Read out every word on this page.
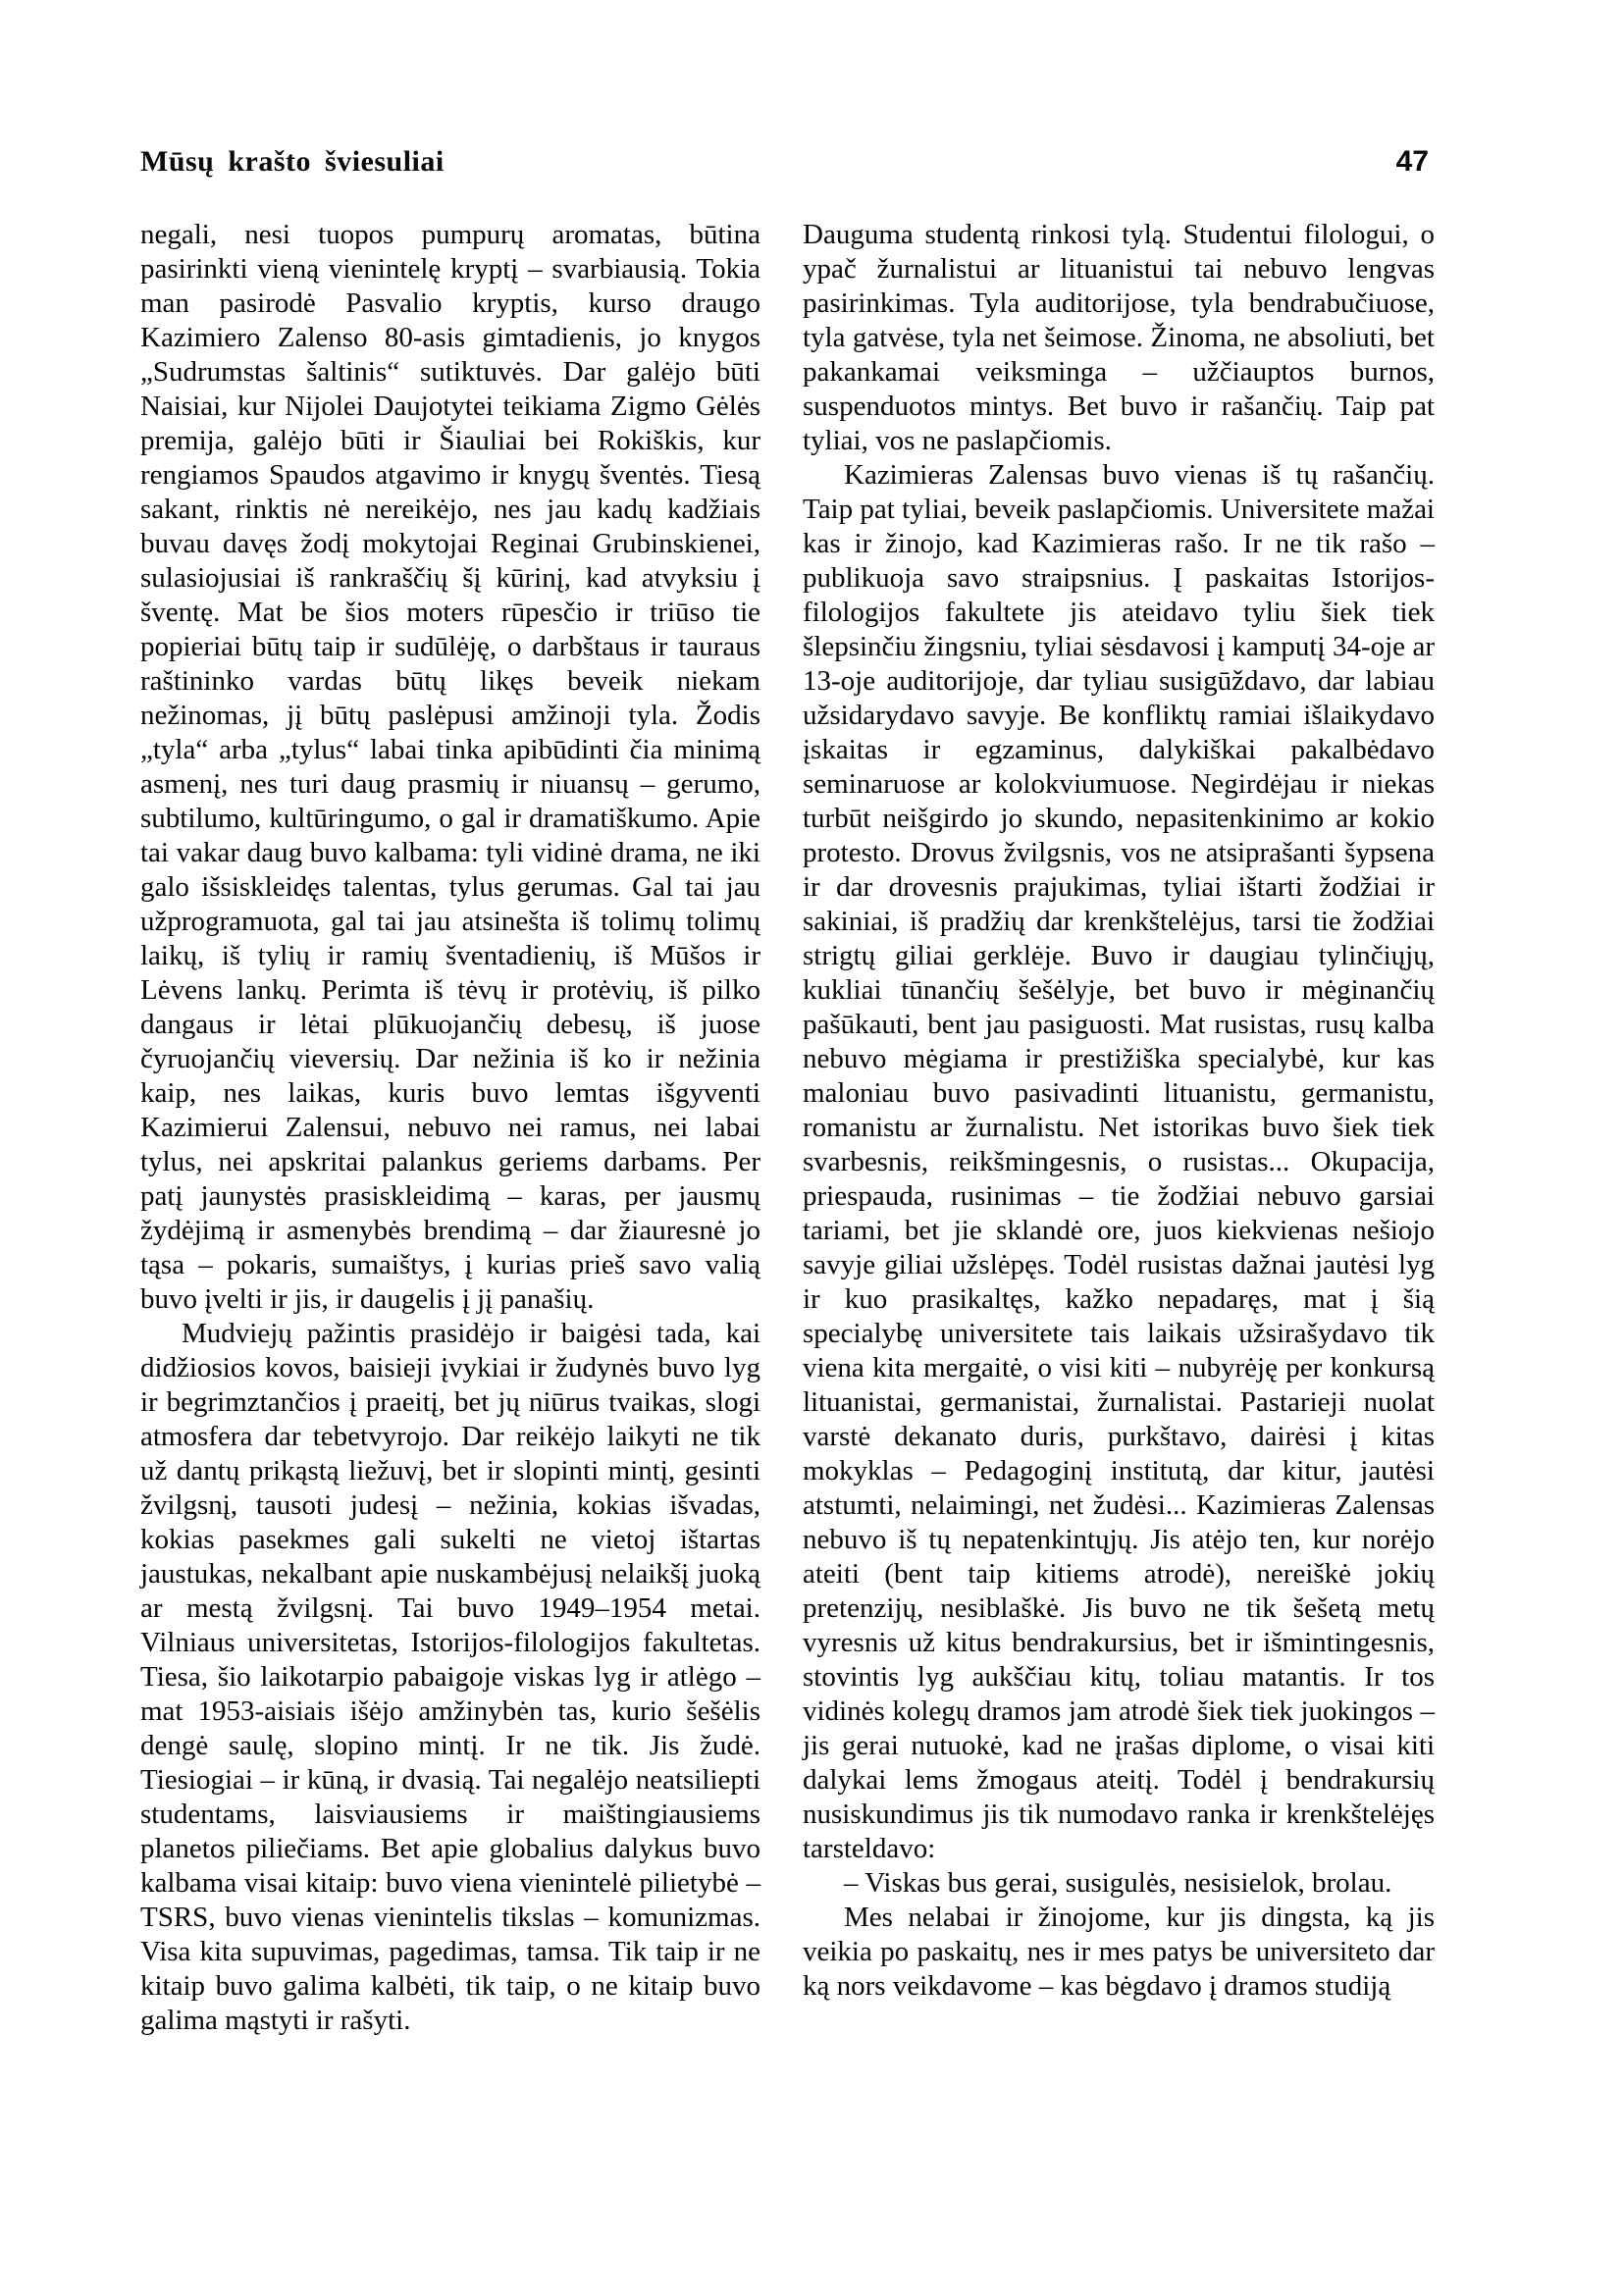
Mūsų krašto šviesuliai	47

negali, nesi tuopos pumpurų aromatas, būtina pasirinkti vieną vienintelę kryptį – svarbiausią. Tokia man pasirodė Pasvalio kryptis, kurso draugo Kazimiero Zalenso 80-asis gimtadienis, jo knygos „Sudrumstas šaltinis“ sutiktuvės. Dar galėjo būti Naisiai, kur Nijolei Daujotytei teikiama Zigmo Gėlės premija, galėjo būti ir Šiauliai bei Rokiškis, kur rengiamos Spaudos atgavimo ir knygų šventės. Tiesą sakant, rinktis nė nereikėjo, nes jau kadų kadžiais buvau davęs žodį mokytojai Reginai Grubinskienei, sulasiojusiai iš rankraščių šį kūrinį, kad atvyksiu į šventę. Mat be šios moters rūpesčio ir triūso tie popieriai būtų taip ir sudūlėję, o darbštaus ir tauraus raštininko vardas būtų likęs beveik niekam nežinomas, jį būtų paslėpusi amžinoji tyla. Žodis „tyla“ arba „tylus“ labai tinka apibūdinti čia minimą asmenį, nes turi daug prasmių ir niuansų – gerumo, subtilumo, kultūringumo, o gal ir dramatiškumo. Apie tai vakar daug buvo kalbama: tyli vidinė drama, ne iki galo išsiskleidęs talentas, tylus gerumas. Gal tai jau užprogramuota, gal tai jau atsinešta iš tolimų tolimų laikų, iš tylių ir ramių šventadienių, iš Mūšos ir Lėvens lankų. Perimta iš tėvų ir protėvių, iš pilko dangaus ir lėtai plūkuojančių debesų, iš juose čyruojančių vieversių. Dar nežinia iš ko ir nežinia kaip, nes laikas, kuris buvo lemtas išgyventi Kazimierui Zalensui, nebuvo nei ramus, nei labai tylus, nei apskritai palankus geriems darbams. Per patį jaunystės prasiskleidimą – karas, per jausmų žydėjimą ir asmenybės brendimą – dar žiauresnė jo tąsa – pokaris, sumaištys, į kurias prieš savo valią buvo įvelti ir jis, ir daugelis į jį panašių.

Mudviejų pažintis prasidėjo ir baigėsi tada, kai didžiosios kovos, baisieji įvykiai ir žudynės buvo lyg ir begrimztančios į praeitį, bet jų niūrus tvaikas, slogi atmosfera dar tebetvyrojo. Dar reikėjo laikyti ne tik už dantų prikąstą liežuvį, bet ir slopinti mintį, gesinti žvilgsnį, tausoti judesį – nežinia, kokias išvadas, kokias pasekmes gali sukelti ne vietoj ištartas jaustukas, nekalbant apie nuskambėjusį nelaikšį juoką ar mestą žvilgsnį. Tai buvo 1949–1954 metai. Vilniaus universitetas, Istorijos-filologijos fakultetas. Tiesa, šio laikotarpio pabaigoje viskas lyg ir atlėgo – mat 1953-aisiais išėjo amžinybėn tas, kurio šešėlis dengė saulę, slopino mintį. Ir ne tik. Jis žudė. Tiesiogiai – ir kūną, ir dvasią. Tai negalėjo neatsiliepti studentams, laisviausiems ir maištingiausiems planetos piliečiams. Bet apie globalius dalykus buvo kalbama visai kitaip: buvo viena vienintelė pilietybė – TSRS, buvo vienas vienintelis tikslas – komunizmas. Visa kita supuvimas, pagedimas, tamsa. Tik taip ir ne kitaip buvo galima kalbėti, tik taip, o ne kitaip buvo galima mąstyti ir rašyti.

Dauguma studentą rinkosi tylą. Studentui filologui, o ypač žurnalistui ar lituanistui tai nebuvo lengvas pasirinkimas. Tyla auditorijose, tyla bendrabučiuose, tyla gatvėse, tyla net šeimose. Žinoma, ne absoliuti, bet pakankamai veiksminga – užčiauptos burnos, suspenduotos mintys. Bet buvo ir rašančių. Taip pat tyliai, vos ne paslapčiomis.

Kazimieras Zalensas buvo vienas iš tų rašančių. Taip pat tyliai, beveik paslapčiomis. Universitete mažai kas ir žinojo, kad Kazimieras rašo. Ir ne tik rašo – publikuoja savo straipsnius. Į paskaitas Istorijos-filologijos fakultete jis ateidavo tyliu šiek tiek šlepsinčiu žingsniu, tyliai sėsdavosi į kamputį 34-oje ar 13-oje auditorijoje, dar tyliau susigūždavo, dar labiau užsidarydavo savyje. Be konfliktų ramiai išlaikydavo įskaitas ir egzaminus, dalykiškai pakalbėdavo seminaruose ar kolokviumuose. Negirdėjau ir niekas turbūt neišgirdo jo skundo, nepasitenkinimo ar kokio protesto. Drovus žvilgsnis, vos ne atsiprašanti šypsena ir dar drovesnis prajukimas, tyliai ištarti žodžiai ir sakiniai, iš pradžių dar krenkštelėjus, tarsi tie žodžiai strigtų giliai gerklėje. Buvo ir daugiau tylinčiųjų, kukliai tūnančių šešėlyje, bet buvo ir mėginančių pašūkauti, bent jau pasiguosti. Mat rusistas, rusų kalba nebuvo mėgiama ir prestižiška specialybė, kur kas maloniau buvo pasivadinti lituanistu, germanistu, romanistu ar žurnalistu. Net istorikas buvo šiek tiek svarbesnis, reikšmingesnis, o rusistas... Okupacija, priespauda, rusinimas – tie žodžiai nebuvo garsiai tariami, bet jie sklandė ore, juos kiekvienas nešiojo savyje giliai užslėpęs. Todėl rusistas dažnai jautėsi lyg ir kuo prasikaltęs, kažko nepadaręs, mat į šią specialybę universitete tais laikais užsirašydavo tik viena kita mergaitė, o visi kiti – nubyrėję per konkursą lituanistai, germanistai, žurnalistai. Pastarieji nuolat varstė dekanato duris, purkštavo, dairėsi į kitas mokyklas – Pedagoginį institutą, dar kitur, jautėsi atstumti, nelaimingi, net žudėsi... Kazimieras Zalensas nebuvo iš tų nepatenkintųjų. Jis atėjo ten, kur norėjo ateiti (bent taip kitiems atrodė), nereiškė jokių pretenzijų, nesiblaškė. Jis buvo ne tik šešetą metų vyresnis už kitus bendrakursius, bet ir išmintingesnis, stovintis lyg aukščiau kitų, toliau matantis. Ir tos vidinės kolegų dramos jam atrodė šiek tiek juokingos – jis gerai nutuokė, kad ne įrašas diplome, o visai kiti dalykai lems žmogaus ateitį. Todėl į bendrakursių nusiskundimus jis tik numodavo ranka ir krenkštelėjęs tarsteldavo:

– Viskas bus gerai, susigulės, nesisielok, brolau.

Mes nelabai ir žinojome, kur jis dingsta, ką jis veikia po paskaitų, nes ir mes patys be universiteto dar ką nors veikdavome – kas bėgdavo į dramos studiją
